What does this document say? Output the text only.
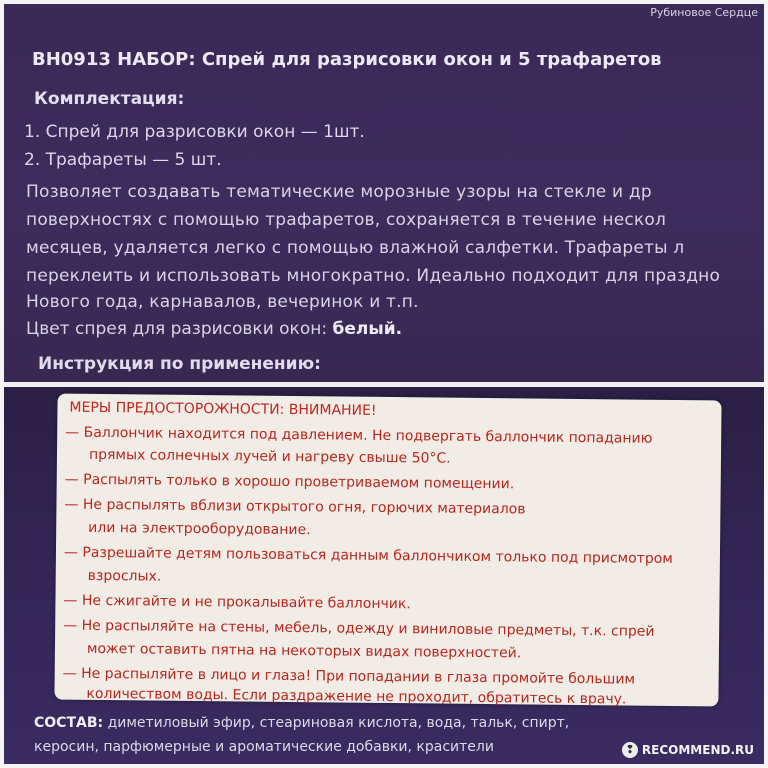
Рубиновое Сердце
BH0913 НАБОР: Спрей для разрисовки окон и 5 трафаретов
Комплектация:
1. Спрей для разрисовки окон — 1шт.
2. Трафареты — 5 шт.
Позволяет создавать тематические морозные узоры на стекле и др
поверхностях с помощью трафаретов, сохраняется в течение нескол
месяцев, удаляется легко с помощью влажной салфетки. Трафареты л
переклеить и использовать многократно. Идеально подходит для праздно
Нового года, карнавалов, вечеринок и т.п.
Цвет спрея для разрисовки окон: белый.
Инструкция по применению:
МЕРЫ ПРЕДОСТОРОЖНОСТИ: ВНИМАНИЕ!
— Баллончик находится под давлением. Не подвергать баллончик попаданию
прямых солнечных лучей и нагреву свыше 50°С.
— Распылять только в хорошо проветриваемом помещении.
— Не распылять вблизи открытого огня, горючих материалов
или на электрооборудование.
— Разрешайте детям пользоваться данным баллончиком только под присмотром
взрослых.
— Не сжигайте и не прокалывайте баллончик.
— Не распыляйте на стены, мебель, одежду и виниловые предметы, т.к. спрей
может оставить пятна на некоторых видах поверхностей.
— Не распыляйте в лицо и глаза! При попадании в глаза промойте большим
количеством воды. Если раздражение не проходит, обратитесь к врачу.
СОСТАВ: диметиловый эфир, стеариновая кислота, вода, тальк, спирт,
керосин, парфюмерные и ароматические добавки, красители	❢ RECOMMEND.RU
